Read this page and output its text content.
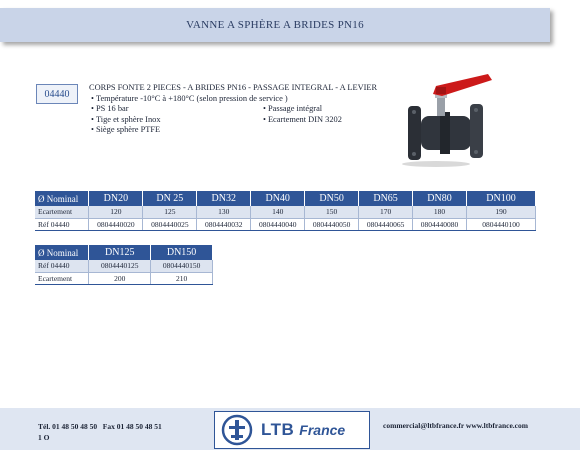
VANNE A SPHÈRE A BRIDES PN16
04440
CORPS FONTE 2 PIECES - A BRIDES PN16 - PASSAGE INTEGRAL - A LEVIER
• Température -10°C à +180°C (selon pression de service )
• PS 16 bar
• Tige et sphère Inox
• Siège sphère PTFE
• Passage intégral
• Ecartement DIN 3202
Ø Nominal	DN20	DN 25	DN32	DN40	DN50	DN65	DN80	DN100
Ecartement	120	125	130	140	150	170	180	190
Réf 04440	0804440020	0804440025	0804440032	0804440040	0804440050	0804440065	0804440080	0804440100
Ø Nominal	DN125	DN150
Réf 04440	0804440125	0804440150
Ecartement	200	210
Tél. 01 48 50 48 50 Fax 01 48 50 48 51
1 O	LTB France	commercial@ltbfrance.fr www.ltbfrance.com
